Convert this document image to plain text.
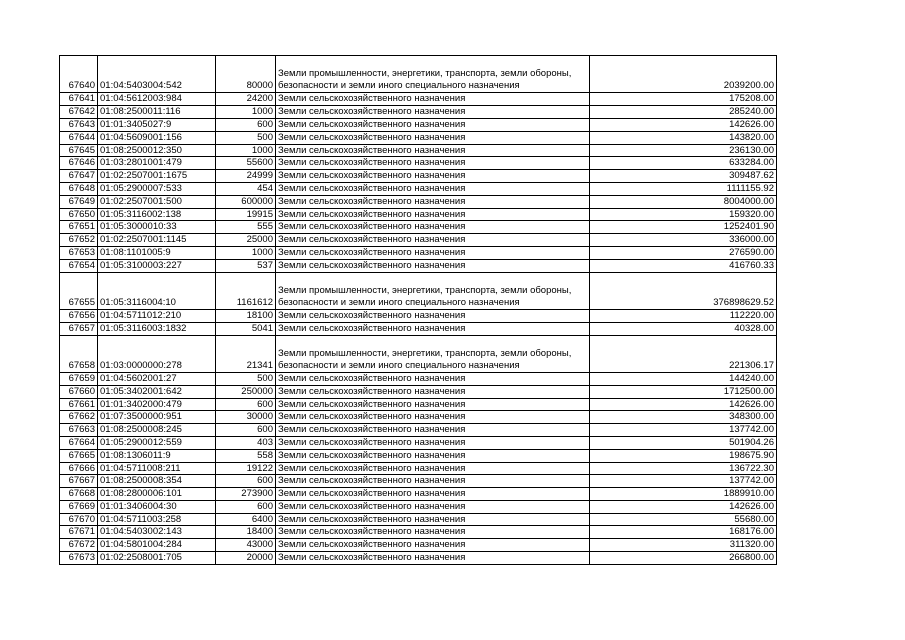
67640	01:04:5403004:542	80000	Земли промышленности, энергетики, транспорта, земли обороны, безопасности и земли иного специального назначения	2039200.00
67641	01:04:5612003:984	24200	Земли сельскохозяйственного назначения	175208.00
67642	01:08:2500011:116	1000	Земли сельскохозяйственного назначения	285240.00
67643	01:01:3405027:9	600	Земли сельскохозяйственного назначения	142626.00
67644	01:04:5609001:156	500	Земли сельскохозяйственного назначения	143820.00
67645	01:08:2500012:350	1000	Земли сельскохозяйственного назначения	236130.00
67646	01:03:2801001:479	55600	Земли сельскохозяйственного назначения	633284.00
67647	01:02:2507001:1675	24999	Земли сельскохозяйственного назначения	309487.62
67648	01:05:2900007:533	454	Земли сельскохозяйственного назначения	1111155.92
67649	01:02:2507001:500	600000	Земли сельскохозяйственного назначения	8004000.00
67650	01:05:3116002:138	19915	Земли сельскохозяйственного назначения	159320.00
67651	01:05:3000010:33	555	Земли сельскохозяйственного назначения	1252401.90
67652	01:02:2507001:1145	25000	Земли сельскохозяйственного назначения	336000.00
67653	01:08:1101005:9	1000	Земли сельскохозяйственного назначения	276590.00
67654	01:05:3100003:227	537	Земли сельскохозяйственного назначения	416760.33
67655	01:05:3116004:10	1161612	Земли промышленности, энергетики, транспорта, земли обороны, безопасности и земли иного специального назначения	376898629.52
67656	01:04:5711012:210	18100	Земли сельскохозяйственного назначения	112220.00
67657	01:05:3116003:1832	5041	Земли сельскохозяйственного назначения	40328.00
67658	01:03:0000000:278	21341	Земли промышленности, энергетики, транспорта, земли обороны, безопасности и земли иного специального назначения	221306.17
67659	01:04:5602001:27	500	Земли сельскохозяйственного назначения	144240.00
67660	01:05:3402001:642	250000	Земли сельскохозяйственного назначения	1712500.00
67661	01:01:3402000:479	600	Земли сельскохозяйственного назначения	142626.00
67662	01:07:3500000:951	30000	Земли сельскохозяйственного назначения	348300.00
67663	01:08:2500008:245	600	Земли сельскохозяйственного назначения	137742.00
67664	01:05:2900012:559	403	Земли сельскохозяйственного назначения	501904.26
67665	01:08:1306011:9	558	Земли сельскохозяйственного назначения	198675.90
67666	01:04:5711008:211	19122	Земли сельскохозяйственного назначения	136722.30
67667	01:08:2500008:354	600	Земли сельскохозяйственного назначения	137742.00
67668	01:08:2800006:101	273900	Земли сельскохозяйственного назначения	1889910.00
67669	01:01:3406004:30	600	Земли сельскохозяйственного назначения	142626.00
67670	01:04:5711003:258	6400	Земли сельскохозяйственного назначения	55680.00
67671	01:04:5403002:143	18400	Земли сельскохозяйственного назначения	168176.00
67672	01:04:5801004:284	43000	Земли сельскохозяйственного назначения	311320.00
67673	01:02:2508001:705	20000	Земли сельскохозяйственного назначения	266800.00
